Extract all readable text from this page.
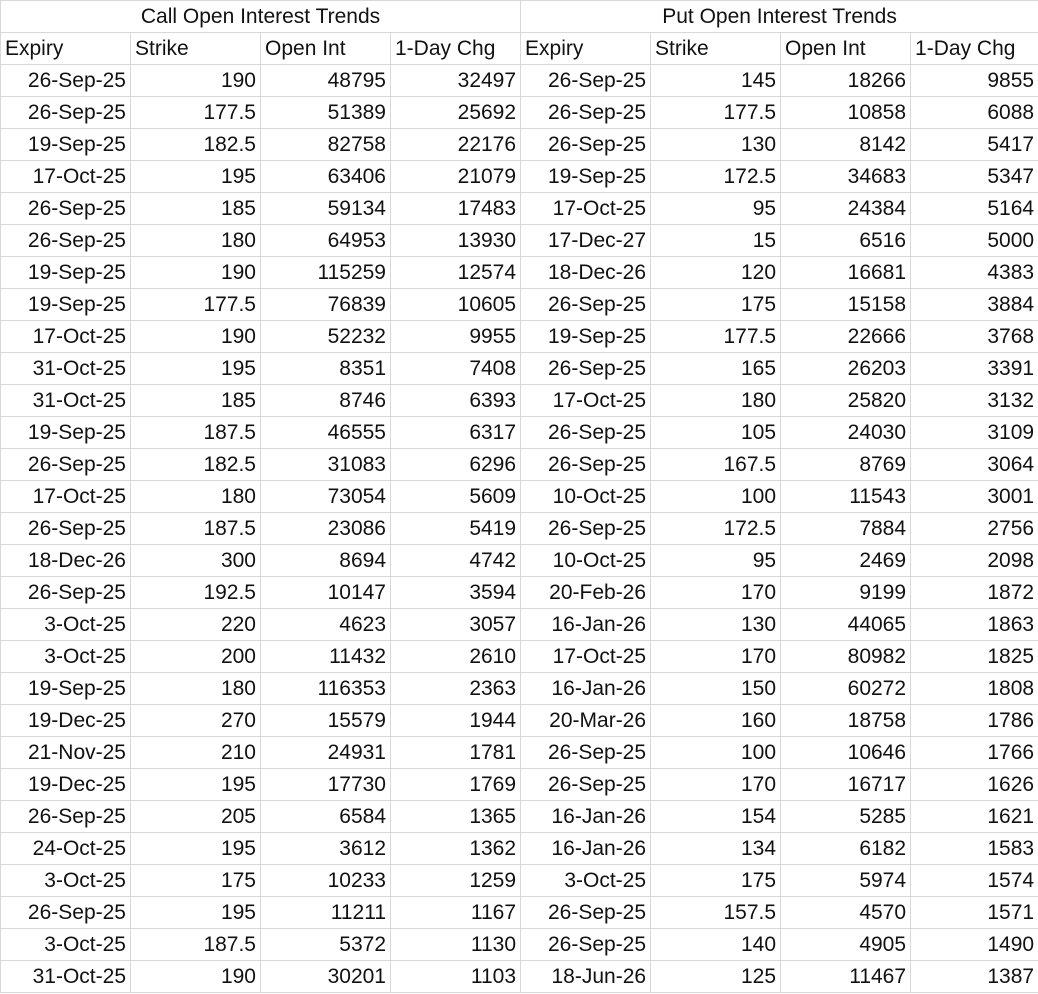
Call Open Interest Trends				Put Open Interest Trends			
Expiry	Strike	Open Int	1-Day Chg	Expiry	Strike	Open Int	1-Day Chg
26-Sep-25	190	48795	32497	26-Sep-25	145	18266	9855
26-Sep-25	177.5	51389	25692	26-Sep-25	177.5	10858	6088
19-Sep-25	182.5	82758	22176	26-Sep-25	130	8142	5417
17-Oct-25	195	63406	21079	19-Sep-25	172.5	34683	5347
26-Sep-25	185	59134	17483	17-Oct-25	95	24384	5164
26-Sep-25	180	64953	13930	17-Dec-27	15	6516	5000
19-Sep-25	190	115259	12574	18-Dec-26	120	16681	4383
19-Sep-25	177.5	76839	10605	26-Sep-25	175	15158	3884
17-Oct-25	190	52232	9955	19-Sep-25	177.5	22666	3768
31-Oct-25	195	8351	7408	26-Sep-25	165	26203	3391
31-Oct-25	185	8746	6393	17-Oct-25	180	25820	3132
19-Sep-25	187.5	46555	6317	26-Sep-25	105	24030	3109
26-Sep-25	182.5	31083	6296	26-Sep-25	167.5	8769	3064
17-Oct-25	180	73054	5609	10-Oct-25	100	11543	3001
26-Sep-25	187.5	23086	5419	26-Sep-25	172.5	7884	2756
18-Dec-26	300	8694	4742	10-Oct-25	95	2469	2098
26-Sep-25	192.5	10147	3594	20-Feb-26	170	9199	1872
3-Oct-25	220	4623	3057	16-Jan-26	130	44065	1863
3-Oct-25	200	11432	2610	17-Oct-25	170	80982	1825
19-Sep-25	180	116353	2363	16-Jan-26	150	60272	1808
19-Dec-25	270	15579	1944	20-Mar-26	160	18758	1786
21-Nov-25	210	24931	1781	26-Sep-25	100	10646	1766
19-Dec-25	195	17730	1769	26-Sep-25	170	16717	1626
26-Sep-25	205	6584	1365	16-Jan-26	154	5285	1621
24-Oct-25	195	3612	1362	16-Jan-26	134	6182	1583
3-Oct-25	175	10233	1259	3-Oct-25	175	5974	1574
26-Sep-25	195	11211	1167	26-Sep-25	157.5	4570	1571
3-Oct-25	187.5	5372	1130	26-Sep-25	140	4905	1490
31-Oct-25	190	30201	1103	18-Jun-26	125	11467	1387
